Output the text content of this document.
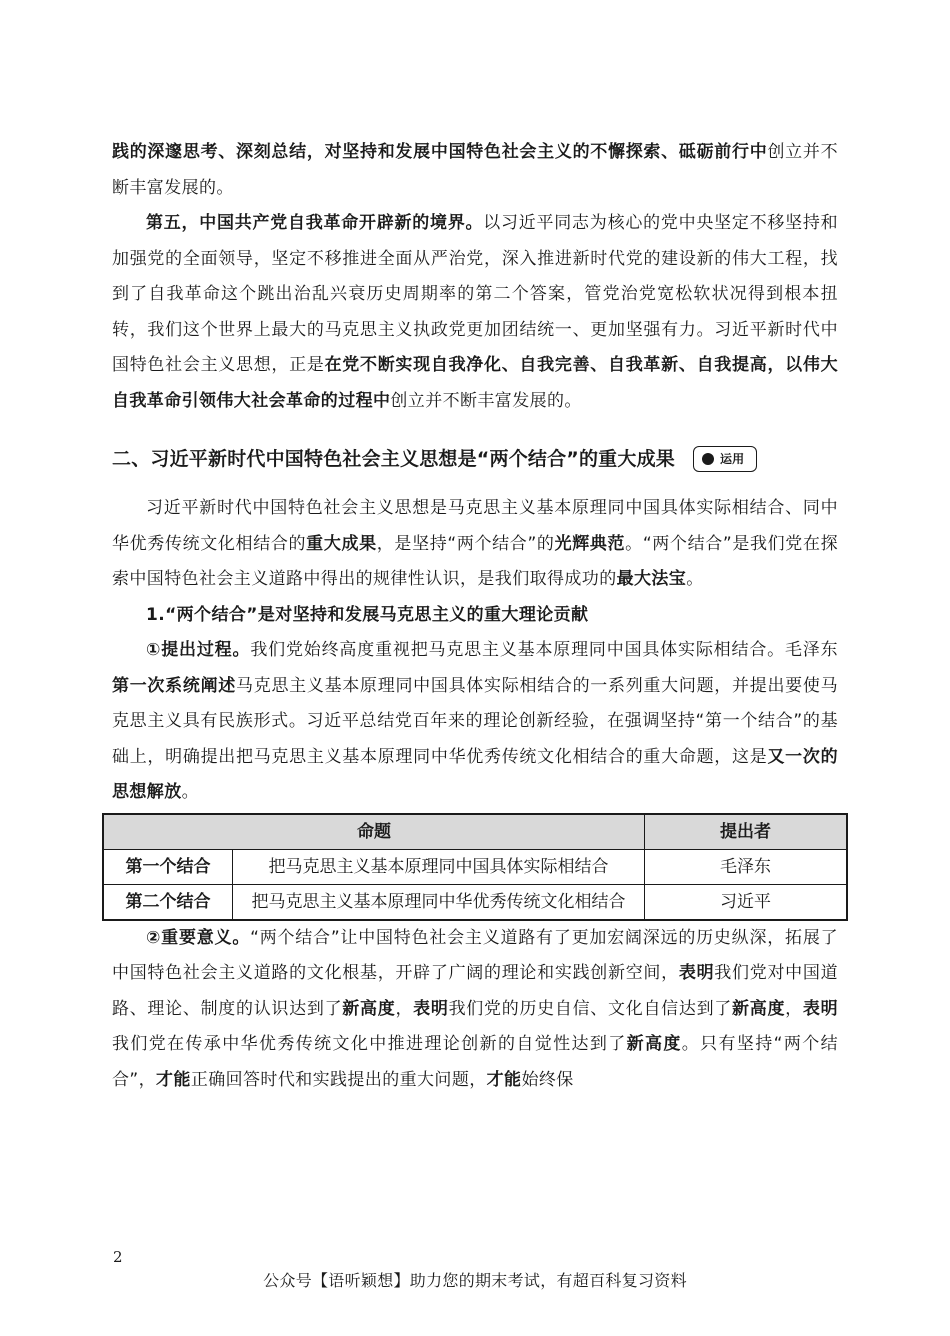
践的深邃思考、深刻总结，对坚持和发展中国特色社会主义的不懈探索、砥砺前行中创立并不断丰富发展的。

第五，中国共产党自我革命开辟新的境界。以习近平同志为核心的党中央坚定不移坚持和加强党的全面领导，坚定不移推进全面从严治党，深入推进新时代党的建设新的伟大工程，找到了自我革命这个跳出治乱兴衰历史周期率的第二个答案，管党治党宽松软状况得到根本扭转，我们这个世界上最大的马克思主义执政党更加团结统一、更加坚强有力。习近平新时代中国特色社会主义思想，正是在党不断实现自我净化、自我完善、自我革新、自我提高，以伟大自我革命引领伟大社会革命的过程中创立并不断丰富发展的。

二、习近平新时代中国特色社会主义思想是“两个结合”的重大成果	运用

习近平新时代中国特色社会主义思想是马克思主义基本原理同中国具体实际相结合、同中华优秀传统文化相结合的重大成果，是坚持“两个结合”的光辉典范。“两个结合”是我们党在探索中国特色社会主义道路中得出的规律性认识，是我们取得成功的最大法宝。

1.“两个结合”是对坚持和发展马克思主义的重大理论贡献

①提出过程。我们党始终高度重视把马克思主义基本原理同中国具体实际相结合。毛泽东第一次系统阐述马克思主义基本原理同中国具体实际相结合的一系列重大问题，并提出要使马克思主义具有民族形式。习近平总结党百年来的理论创新经验，在强调坚持“第一个结合”的基础上，明确提出把马克思主义基本原理同中华优秀传统文化相结合的重大命题，这是又一次的思想解放。

命题		提出者
第一个结合	把马克思主义基本原理同中国具体实际相结合	毛泽东
第二个结合	把马克思主义基本原理同中华优秀传统文化相结合	习近平

②重要意义。“两个结合”让中国特色社会主义道路有了更加宏阔深远的历史纵深，拓展了中国特色社会主义道路的文化根基，开辟了广阔的理论和实践创新空间，表明我们党对中国道路、理论、制度的认识达到了新高度，表明我们党的历史自信、文化自信达到了新高度，表明我们党在传承中华优秀传统文化中推进理论创新的自觉性达到了新高度。只有坚持“两个结合”，才能正确回答时代和实践提出的重大问题，才能始终保

2
公众号【语听颖想】助力您的期末考试，有超百科复习资料
